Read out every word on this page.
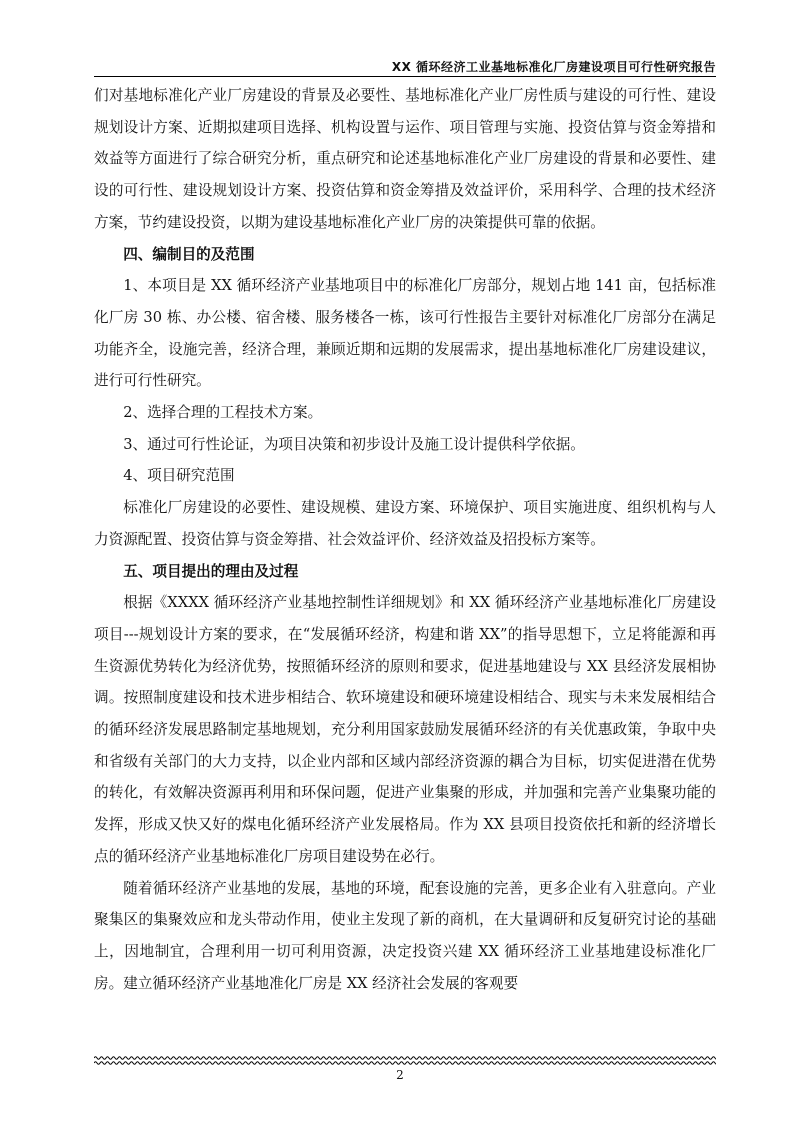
XX 循环经济工业基地标准化厂房建设项目可行性研究报告

们对基地标准化产业厂房建设的背景及必要性、基地标准化产业厂房性质与建设的可行性、建设规划设计方案、近期拟建项目选择、机构设置与运作、项目管理与实施、投资估算与资金筹措和效益等方面进行了综合研究分析，重点研究和论述基地标准化产业厂房建设的背景和必要性、建设的可行性、建设规划设计方案、投资估算和资金筹措及效益评价，采用科学、合理的技术经济方案，节约建设投资，以期为建设基地标准化产业厂房的决策提供可靠的依据。

四、编制目的及范围

1、本项目是 XX 循环经济产业基地项目中的标准化厂房部分，规划占地 141 亩，包括标准化厂房 30 栋、办公楼、宿舍楼、服务楼各一栋，该可行性报告主要针对标准化厂房部分在满足功能齐全，设施完善，经济合理，兼顾近期和远期的发展需求，提出基地标准化厂房建设建议，进行可行性研究。

2、选择合理的工程技术方案。

3、通过可行性论证，为项目决策和初步设计及施工设计提供科学依据。

4、项目研究范围

标准化厂房建设的必要性、建设规模、建设方案、环境保护、项目实施进度、组织机构与人力资源配置、投资估算与资金筹措、社会效益评价、经济效益及招投标方案等。

五、项目提出的理由及过程

根据《XXXX 循环经济产业基地控制性详细规划》和 XX 循环经济产业基地标准化厂房建设项目---规划设计方案的要求，在“发展循环经济，构建和谐 XX”的指导思想下，立足将能源和再生资源优势转化为经济优势，按照循环经济的原则和要求，促进基地建设与 XX 县经济发展相协调。按照制度建设和技术进步相结合、软环境建设和硬环境建设相结合、现实与未来发展相结合的循环经济发展思路制定基地规划，充分利用国家鼓励发展循环经济的有关优惠政策，争取中央和省级有关部门的大力支持，以企业内部和区域内部经济资源的耦合为目标，切实促进潜在优势的转化，有效解决资源再利用和环保问题，促进产业集聚的形成，并加强和完善产业集聚功能的发挥，形成又快又好的煤电化循环经济产业发展格局。作为 XX 县项目投资依托和新的经济增长点的循环经济产业基地标准化厂房项目建设势在必行。

随着循环经济产业基地的发展，基地的环境，配套设施的完善，更多企业有入驻意向。产业聚集区的集聚效应和龙头带动作用，使业主发现了新的商机，在大量调研和反复研究讨论的基础上，因地制宜，合理利用一切可利用资源，决定投资兴建 XX 循环经济工业基地建设标准化厂房。建立循环经济产业基地准化厂房是 XX 经济社会发展的客观要

2
